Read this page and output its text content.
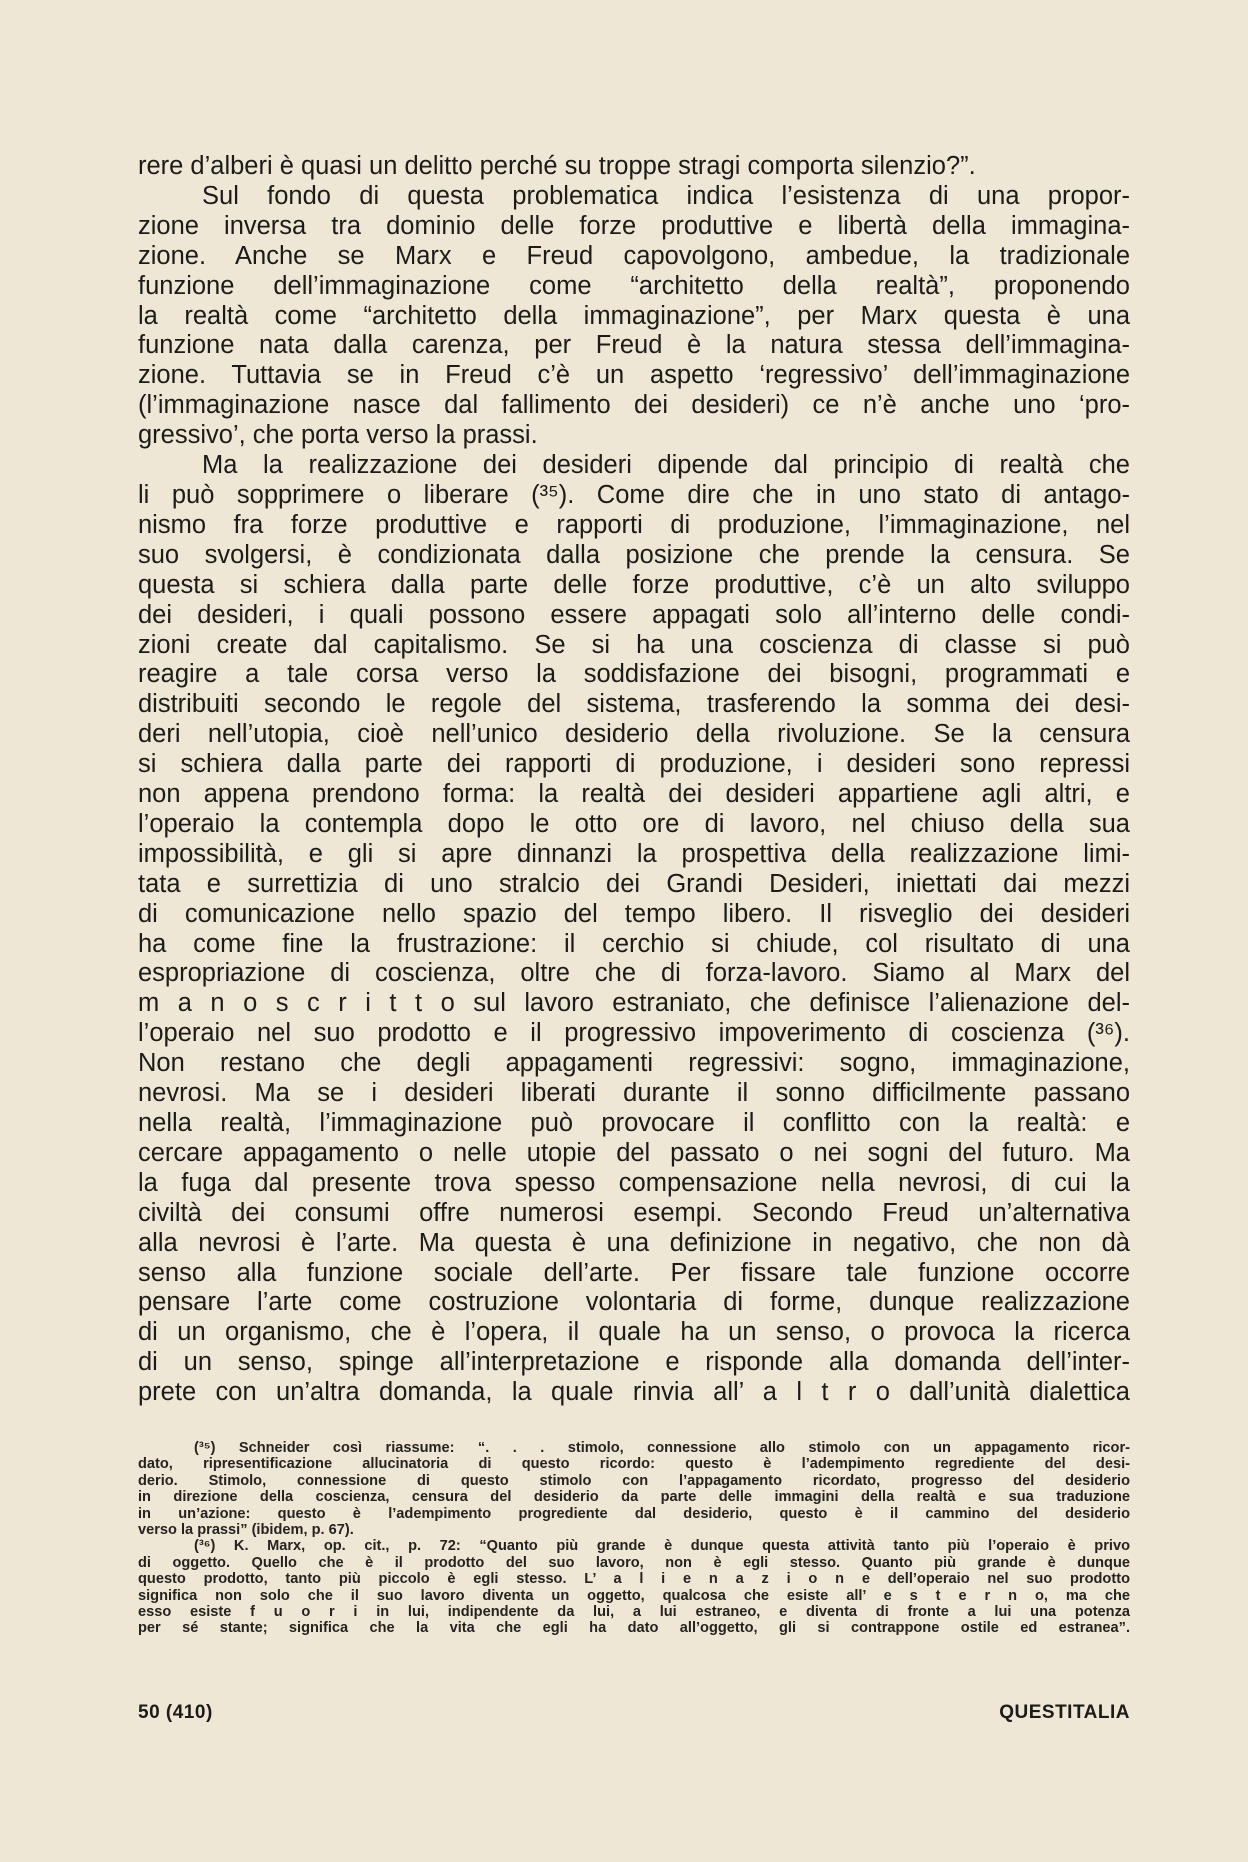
rere d’alberi è quasi un delitto perché su troppe stragi comporta silenzio?”.
Sul fondo di questa problematica indica l’esistenza di una propor-
zione inversa tra dominio delle forze produttive e libertà della immagina-
zione. Anche se Marx e Freud capovolgono, ambedue, la tradizionale
funzione dell’immaginazione come “architetto della realtà”, proponendo
la realtà come “architetto della immaginazione”, per Marx questa è una
funzione nata dalla carenza, per Freud è la natura stessa dell’immagina-
zione. Tuttavia se in Freud c’è un aspetto ‘regressivo’ dell’immaginazione
(l’immaginazione nasce dal fallimento dei desideri) ce n’è anche uno ‘pro-
gressivo’, che porta verso la prassi.
Ma la realizzazione dei desideri dipende dal principio di realtà che
li può sopprimere o liberare (³⁵). Come dire che in uno stato di antago-
nismo fra forze produttive e rapporti di produzione, l’immaginazione, nel
suo svolgersi, è condizionata dalla posizione che prende la censura. Se
questa si schiera dalla parte delle forze produttive, c’è un alto sviluppo
dei desideri, i quali possono essere appagati solo all’interno delle condi-
zioni create dal capitalismo. Se si ha una coscienza di classe si può
reagire a tale corsa verso la soddisfazione dei bisogni, programmati e
distribuiti secondo le regole del sistema, trasferendo la somma dei desi-
deri nell’utopia, cioè nell’unico desiderio della rivoluzione. Se la censura
si schiera dalla parte dei rapporti di produzione, i desideri sono repressi
non appena prendono forma: la realtà dei desideri appartiene agli altri, e
l’operaio la contempla dopo le otto ore di lavoro, nel chiuso della sua
impossibilità, e gli si apre dinnanzi la prospettiva della realizzazione limi-
tata e surrettizia di uno stralcio dei Grandi Desideri, iniettati dai mezzi
di comunicazione nello spazio del tempo libero. Il risveglio dei desideri
ha come fine la frustrazione: il cerchio si chiude, col risultato di una
espropriazione di coscienza, oltre che di forza-lavoro. Siamo al Marx del
m a n o s c r i t t o sul lavoro estraniato, che definisce l’alienazione del-
l’operaio nel suo prodotto e il progressivo impoverimento di coscienza (³⁶).
Non restano che degli appagamenti regressivi: sogno, immaginazione,
nevrosi. Ma se i desideri liberati durante il sonno difficilmente passano
nella realtà, l’immaginazione può provocare il conflitto con la realtà: e
cercare appagamento o nelle utopie del passato o nei sogni del futuro. Ma
la fuga dal presente trova spesso compensazione nella nevrosi, di cui la
civiltà dei consumi offre numerosi esempi. Secondo Freud un’alternativa
alla nevrosi è l’arte. Ma questa è una definizione in negativo, che non dà
senso alla funzione sociale dell’arte. Per fissare tale funzione occorre
pensare l’arte come costruzione volontaria di forme, dunque realizzazione
di un organismo, che è l’opera, il quale ha un senso, o provoca la ricerca
di un senso, spinge all’interpretazione e risponde alla domanda dell’inter-
prete con un’altra domanda, la quale rinvia all’ a l t r o dall’unità dialettica
(³⁵) Schneider così riassume: “. . . stimolo, connessione allo stimolo con un appagamento ricor-
dato, ripresentificazione allucinatoria di questo ricordo: questo è l’adempimento regrediente del desi-
derio. Stimolo, connessione di questo stimolo con l’appagamento ricordato, progresso del desiderio
in direzione della coscienza, censura del desiderio da parte delle immagini della realtà e sua traduzione
in un’azione: questo è l’adempimento progrediente dal desiderio, questo è il cammino del desiderio
verso la prassi” (ibidem, p. 67).
(³⁶) K. Marx, op. cit., p. 72: “Quanto più grande è dunque questa attività tanto più l’operaio è privo
di oggetto. Quello che è il prodotto del suo lavoro, non è egli stesso. Quanto più grande è dunque
questo prodotto, tanto più piccolo è egli stesso. L’ a l i e n a z i o n e dell’operaio nel suo prodotto
significa non solo che il suo lavoro diventa un oggetto, qualcosa che esiste all’ e s t e r n o, ma che
esso esiste f u o r i in lui, indipendente da lui, a lui estraneo, e diventa di fronte a lui una potenza
per sé stante; significa che la vita che egli ha dato all’oggetto, gli si contrappone ostile ed estranea”.
50 (410)	QUESTITALIA
